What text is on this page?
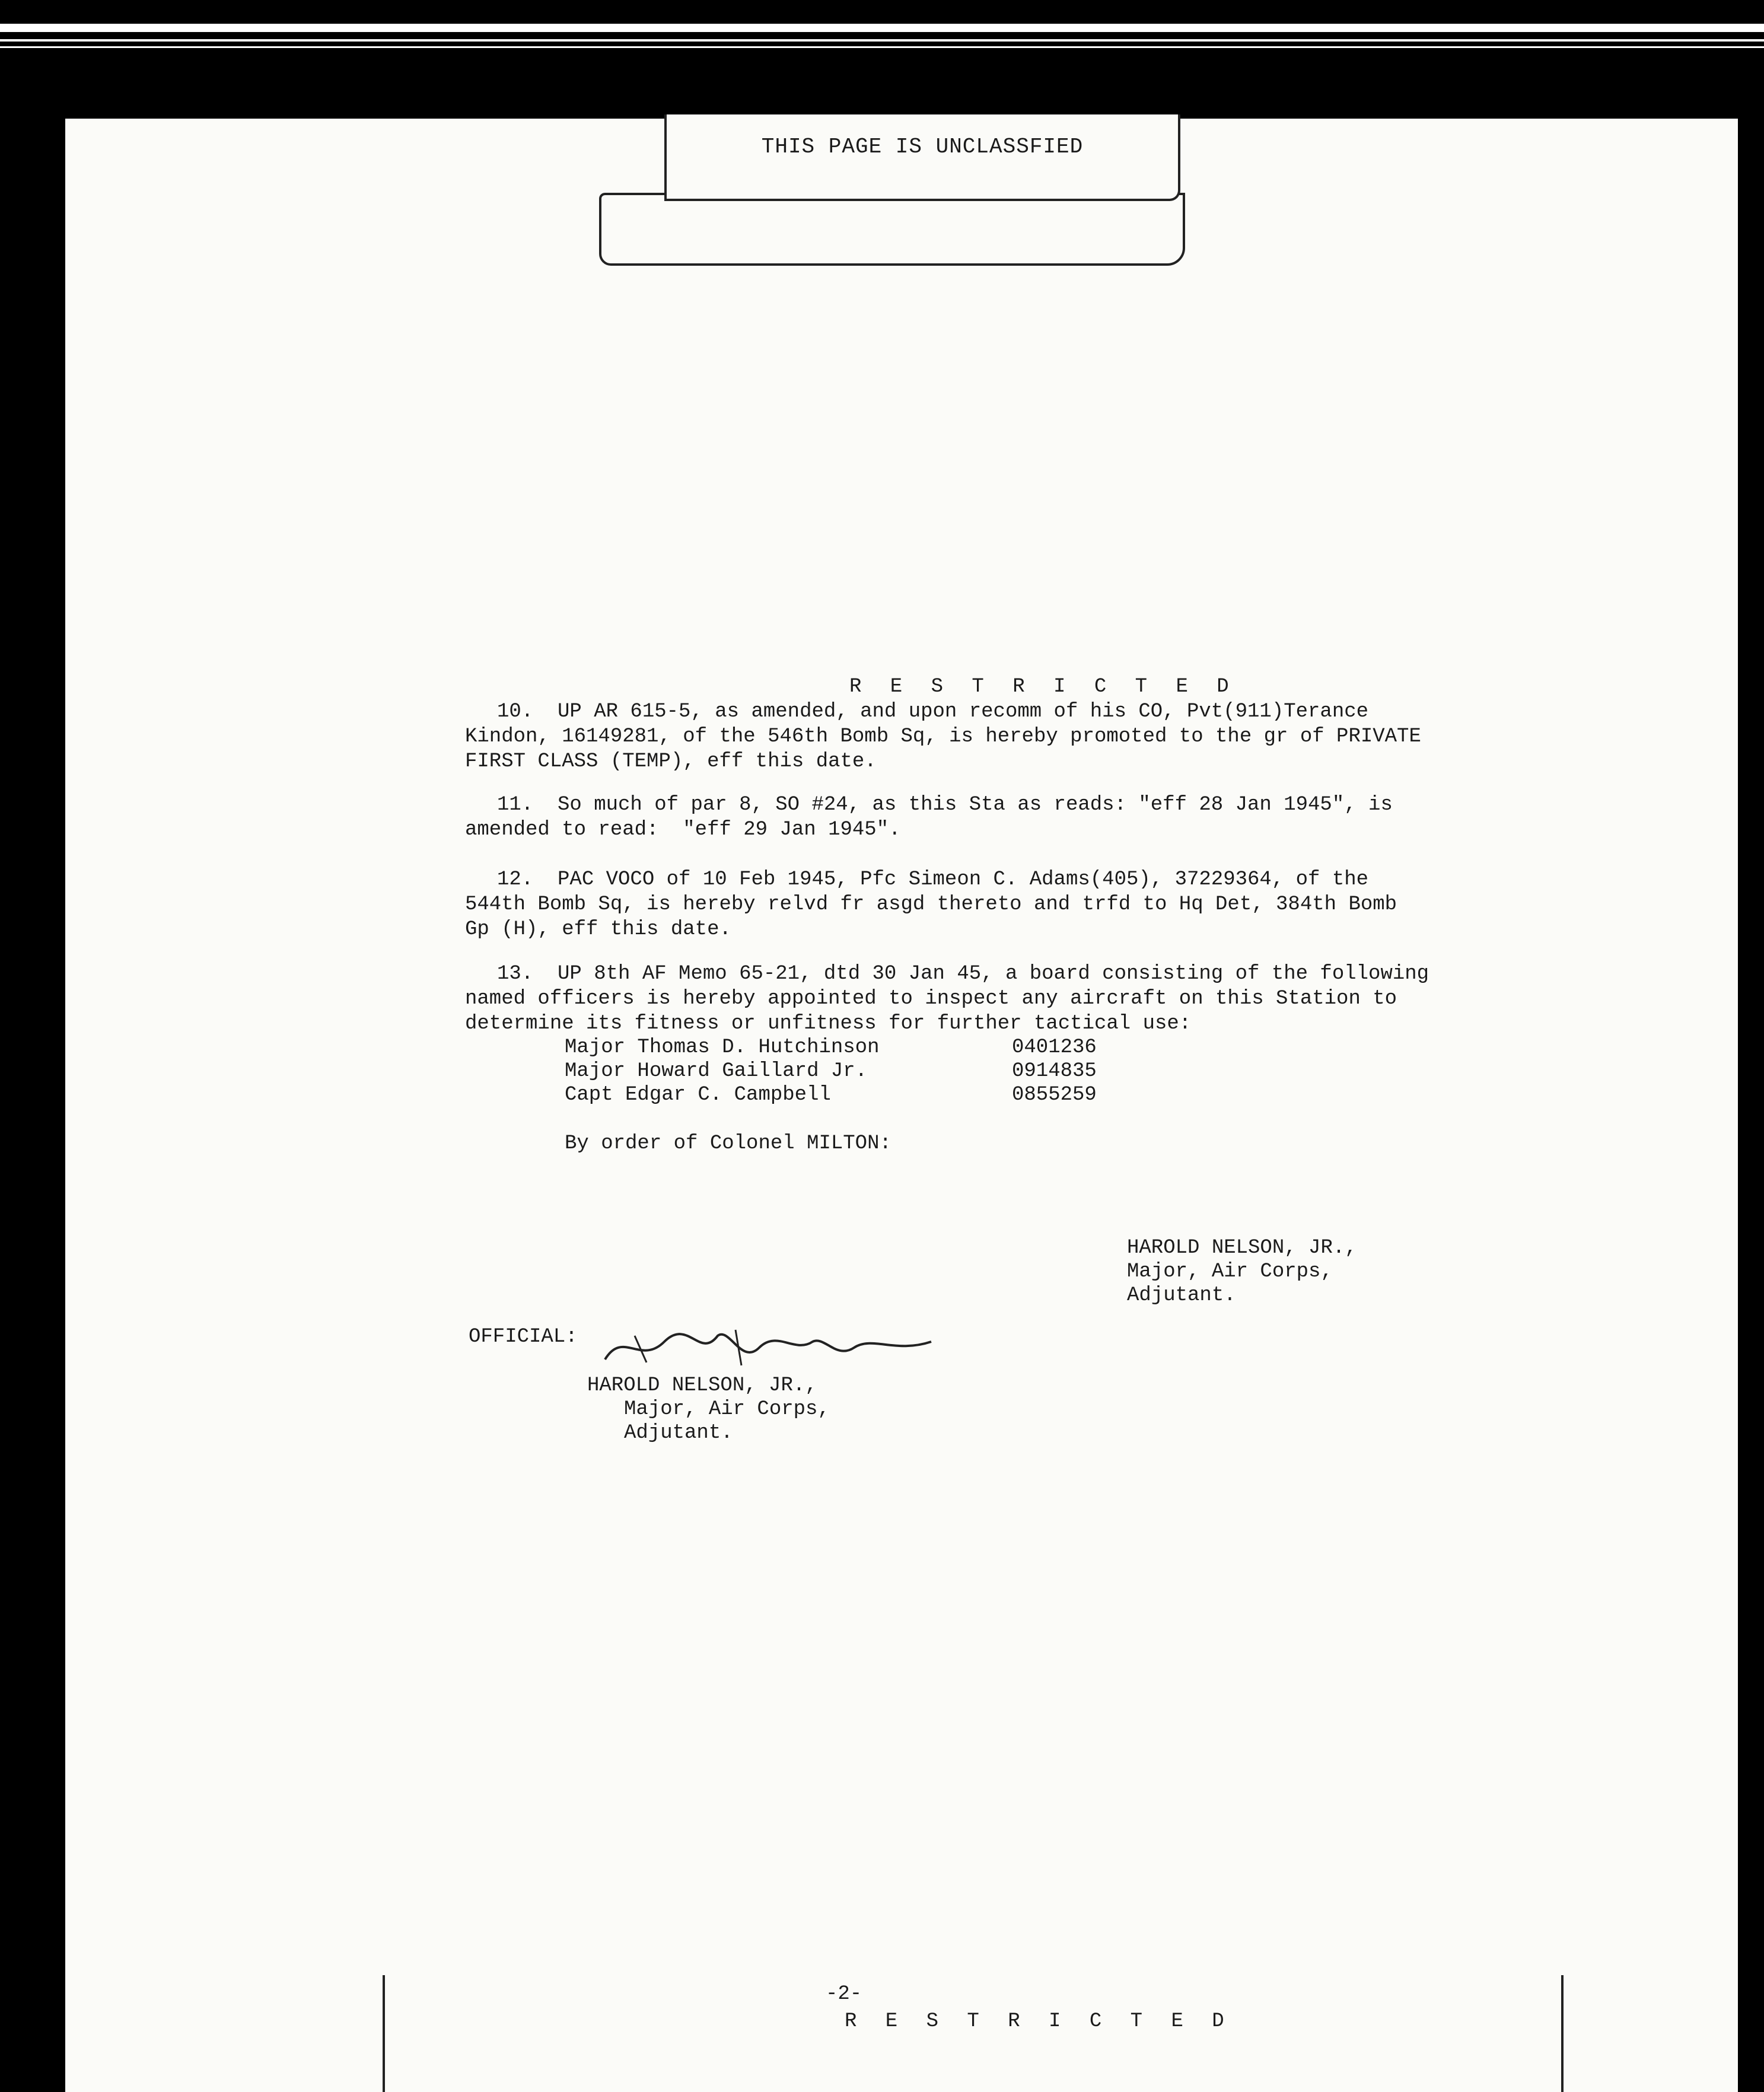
THIS PAGE IS UNCLASSFIED
R E S T R I C T E D
10.  UP AR 615-5, as amended, and upon recomm of his CO, Pvt(911)Terance
Kindon, 16149281, of the 546th Bomb Sq, is hereby promoted to the gr of PRIVATE
FIRST CLASS (TEMP), eff this date.
11.  So much of par 8, SO #24, as this Sta as reads: "eff 28 Jan 1945", is
amended to read:  "eff 29 Jan 1945".
12.  PAC VOCO of 10 Feb 1945, Pfc Simeon C. Adams(405), 37229364, of the
544th Bomb Sq, is hereby relvd fr asgd thereto and trfd to Hq Det, 384th Bomb
Gp (H), eff this date.
13.  UP 8th AF Memo 65-21, dtd 30 Jan 45, a board consisting of the following
named officers is hereby appointed to inspect any aircraft on this Station to
determine its fitness or unfitness for further tactical use:
Major Thomas D. Hutchinson	0401236
Major Howard Gaillard Jr.	0914835
Capt Edgar C. Campbell	0855259
By order of Colonel MILTON:
HAROLD NELSON, JR.,
Major, Air Corps,
Adjutant.
OFFICIAL:
HAROLD NELSON, JR.,
Major, Air Corps,
Adjutant.
-2-
R E S T R I C T E D
